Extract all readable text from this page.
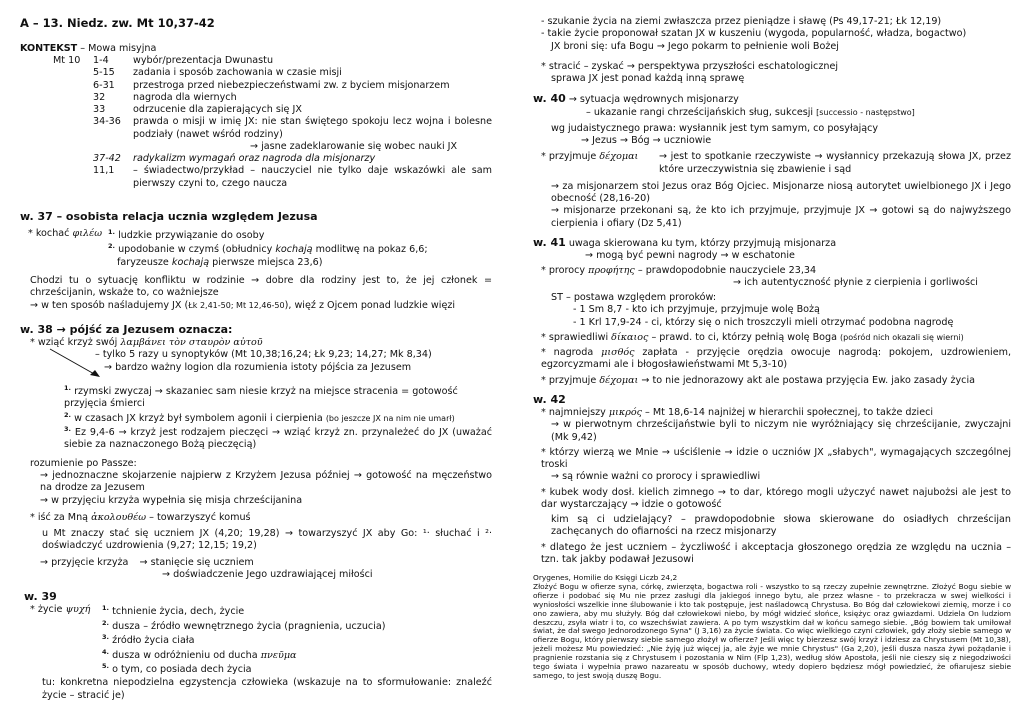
A – 13. Niedz. zw. Mt 10,37-42
KONTEKST – Mowa misyjna
Mt 10	1-4	wybór/prezentacja Dwunastu
5-15	zadania i sposób zachowania w czasie misji
6-31	przestroga przed niebezpieczeństwami zw. z byciem misjonarzem
32	nagroda dla wiernych
33	odrzucenie dla zapierających się JX
34-36	prawda o misji w imię JX: nie stan świętego spokoju lecz wojna i bolesne podziały (nawet wśród rodziny)
→ jasne zadeklarowanie się wobec nauki JX
37-42	radykalizm wymagań oraz nagroda dla misjonarzy
11,1	– świadectwo/przykład – nauczyciel nie tylko daje wskazówki ale sam pierwszy czyni to, czego naucza
w. 37 – osobista relacja ucznia względem Jezusa
* kochać φιλέω $^{1.}$ ludzkie przywiązanie do osoby
$^{2.}$ upodobanie w czymś (obłudnicy kochają modlitwę na pokaz 6,6;
faryzeusze kochają pierwsze miejsca 23,6)
Chodzi tu o sytuację konfliktu w rodzinie → dobre dla rodziny jest to, że jej członek = chrześcijanin, wskaże to, co ważniejsze
→ w ten sposób naśladujemy JX (Łk 2,41-50; Mt 12,46-50), więź z Ojcem ponad ludzkie więzi
w. 38 → pójść za Jezusem oznacza:
* wziąć krzyż swój λαμβάνει τὸν σταυρὸν αὐτοῦ
– tylko 5 razy u synoptyków (Mt 10,38;16,24; Łk 9,23; 14,27; Mk 8,34)
→ bardzo ważny logion dla rozumienia istoty pójścia za Jezusem
$^{1.}$ rzymski zwyczaj → skazaniec sam niesie krzyż na miejsce stracenia = gotowość przyjęcia śmierci
$^{2.}$ w czasach JX krzyż był symbolem agonii i cierpienia (bo jeszcze JX na nim nie umarł)
$^{3.}$ Ez 9,4-6 → krzyż jest rodzajem pieczęci → wziąć krzyż zn. przynależeć do JX (uważać siebie za naznaczonego Bożą pieczęcią)
rozumienie po Passze:
→ jednoznaczne skojarzenie najpierw z Krzyżem Jezusa później → gotowość na męczeństwo na drodze za Jezusem
→ w przyjęciu krzyża wypełnia się misja chrześcijanina
* iść za Mną ἀκολουθέω – towarzyszyć komuś
u Mt znaczy stać się uczniem JX (4,20; 19,28) → towarzyszyć JX aby Go: ¹· słuchać i ²· doświadczyć uzdrowienia (9,27; 12,15; 19,2)
→ przyjęcie krzyża → stanięcie się uczniem
→ doświadczenie Jego uzdrawiającej miłości
w. 39
* życie ψυχή	$^{1.}$ tchnienie życia, dech, życie
$^{2.}$ dusza – źródło wewnętrznego życia (pragnienia, uczucia)
$^{3.}$ źródło życia ciała
$^{4.}$ dusza w odróżnieniu od ducha πνεῦμα
$^{5.}$ o tym, co posiada dech życia
tu: konkretna niepodzielna egzystencja człowieka (wskazuje na to sformułowanie: znaleźć życie – stracić je)
- szukanie życia na ziemi zwłaszcza przez pieniądze i sławę (Ps 49,17-21; Łk 12,19)
- takie życie proponował szatan JX w kuszeniu (wygoda, popularność, władza, bogactwo)
JX broni się: ufa Bogu → Jego pokarm to pełnienie woli Bożej
* stracić – zyskać → perspektywa przyszłości eschatologicznej
sprawa JX jest ponad każdą inną sprawę
w. 40 → sytuacja wędrownych misjonarzy
– ukazanie rangi chrześcijańskich sług, sukcesji [successio - następstwo]
wg judaistycznego prawa: wysłannik jest tym samym, co posyłający
→ Jezus → Bóg → uczniowie
* przyjmuje δέχομαι	→ jest to spotkanie rzeczywiste → wysłannicy przekazują słowa JX, przez które urzeczywistnia się zbawienie i sąd
→ za misjonarzem stoi Jezus oraz Bóg Ojciec. Misjonarze niosą autorytet uwielbionego JX i Jego obecność (28,16-20)
→ misjonarze przekonani są, że kto ich przyjmuje, przyjmuje JX → gotowi są do najwyższego cierpienia i ofiary (Dz 5,41)
w. 41 uwaga skierowana ku tym, którzy przyjmują misjonarza
→ mogą być pewni nagrody → w eschatonie
* prorocy προφήτης – prawdopodobnie nauczyciele 23,34
→ ich autentyczność płynie z cierpienia i gorliwości
ST – postawa względem proroków:
- 1 Sm 8,7 - kto ich przyjmuje, przyjmuje wolę Bożą
- 1 Krl 17,9-24 - ci, którzy się o nich troszczyli mieli otrzymać podobna nagrodę
* sprawiedliwi δίκαιος – prawd. to ci, którzy pełnią wolę Boga (pośród nich okazali się wierni)
* nagroda μισθός zapłata - przyjęcie orędzia owocuje nagrodą: pokojem, uzdrowieniem, egzorcyzmami ale i błogosławieństwami Mt 5,3-10)
* przyjmuje δέχομαι → to nie jednorazowy akt ale postawa przyjęcia Ew. jako zasady życia
w. 42
* najmniejszy μικρός – Mt 18,6-14 najniżej w hierarchii społecznej, to także dzieci
→ w pierwotnym chrześcijaństwie byli to niczym nie wyróżniający się chrześcijanie, zwyczajni (Mk 9,42)
* którzy wierzą we Mnie → uściślenie → idzie o uczniów JX „słabych", wymagających szczególnej troski
→ są równie ważni co prorocy i sprawiedliwi
* kubek wody dosł. kielich zimnego → to dar, którego mogli użyczyć nawet najubożsi ale jest to dar wystarczający → idzie o gotowość
kim są ci udzielający? – prawdopodobnie słowa skierowane do osiadłych chrześcijan zachęcanych do ofiarności na rzecz misjonarzy
* dlatego że jest uczniem – życzliwość i akceptacja głoszonego orędzia ze względu na ucznia – tzn. tak jakby podawał Jezusowi
Orygenes, Homilie do Księgi Liczb 24,2
Złożyć Bogu w ofierze syna, córkę, zwierzęta, bogactwa roli - wszystko to są rzeczy zupełnie zewnętrzne. Złożyć Bogu siebie w ofierze i podobać się Mu nie przez zasługi dla jakiegoś innego bytu, ale przez własne - to przekracza w swej wielkości i wyniosłości wszelkie inne ślubowanie i kto tak postępuje, jest naśladowcą Chrystusa. Bo Bóg dał człowiekowi ziemię, morze i co ono zawiera, aby mu służyły. Bóg dał człowiekowi niebo, by mógł widzieć słońce, księżyc oraz gwiazdami. Udziela On ludziom deszczu, zsyła wiatr i to, co wszechświat zawiera. A po tym wszystkim dał w końcu samego siebie. „Bóg bowiem tak umiłował świat, że dał swego Jednorodzonego Syna" (J 3,16) za życie świata. Co więc wielkiego czyni człowiek, gdy złoży siebie samego w ofierze Bogu, który pierwszy siebie samego złożył w ofierze? Jeśli więc ty bierzesz swój krzyż i idziesz za Chrystusem (Mt 10,38), jeżeli możesz Mu powiedzieć: „Nie żyję już więcej ja, ale żyje we mnie Chrystus" (Ga 2,20), jeśli dusza nasza żywi pożądanie i pragnienie rozstania się z Chrystusem i pozostania w Nim (Flp 1,23), według słów Apostoła, jeśli nie cieszy się z niegodziwości tego świata i wypełnia prawo nazareatu w sposób duchowy, wtedy dopiero będziesz mógł powiedzieć, że ofiarujesz siebie samego, to jest swoją duszę Bogu.
